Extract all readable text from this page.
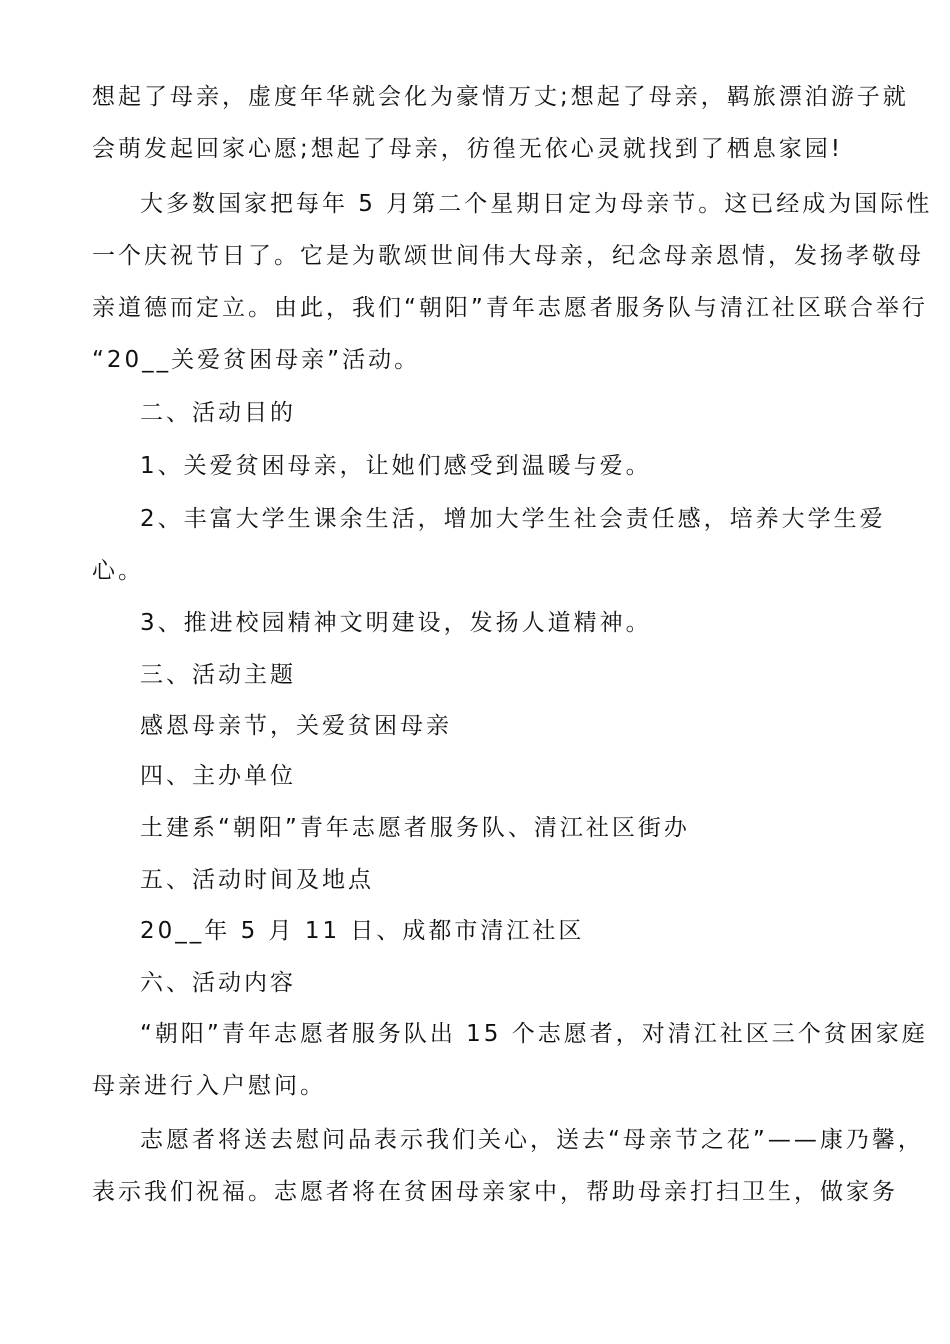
想起了母亲，虚度年华就会化为豪情万丈;想起了母亲，羁旅漂泊游子就
会萌发起回家心愿;想起了母亲，彷徨无依心灵就找到了栖息家园!
大多数国家把每年 5 月第二个星期日定为母亲节。这已经成为国际性
一个庆祝节日了。它是为歌颂世间伟大母亲，纪念母亲恩情，发扬孝敬母
亲道德而定立。由此，我们“朝阳”青年志愿者服务队与清江社区联合举行
“20__关爱贫困母亲”活动。
二、活动目的
1、关爱贫困母亲，让她们感受到温暖与爱。
2、丰富大学生课余生活，增加大学生社会责任感，培养大学生爱
心。
3、推进校园精神文明建设，发扬人道精神。
三、活动主题
感恩母亲节，关爱贫困母亲
四、主办单位
土建系“朝阳”青年志愿者服务队、清江社区街办
五、活动时间及地点
20__年 5 月 11 日、成都市清江社区
六、活动内容
“朝阳”青年志愿者服务队出 15 个志愿者，对清江社区三个贫困家庭
母亲进行入户慰问。
志愿者将送去慰问品表示我们关心，送去“母亲节之花”——康乃馨，
表示我们祝福。志愿者将在贫困母亲家中，帮助母亲打扫卫生，做家务
